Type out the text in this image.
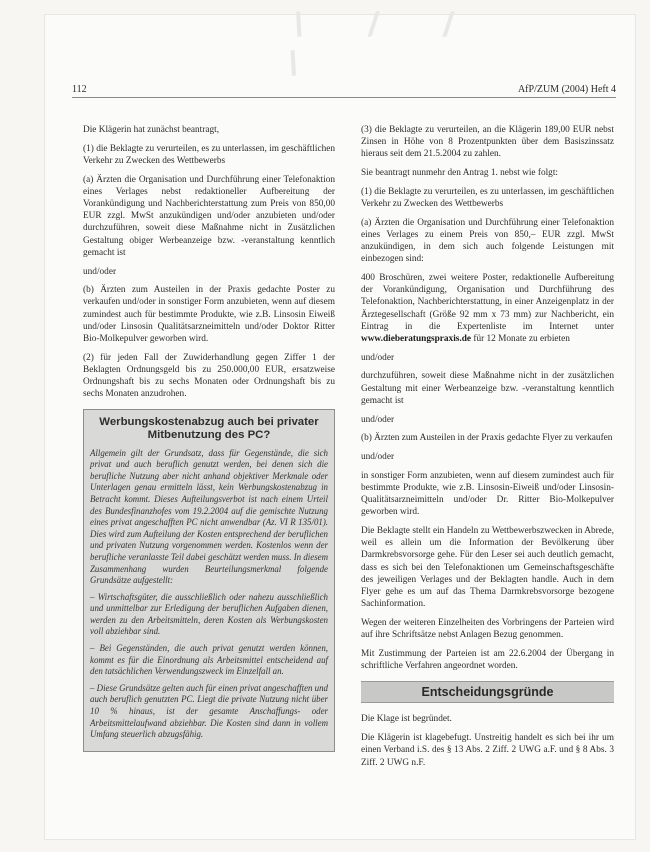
\ / / \
112	AfP/ZUM (2004) Heft 4

Die Klägerin hat zunächst beantragt,

(1) die Beklagte zu verurteilen, es zu unterlassen, im geschäftlichen Verkehr zu Zwecken des Wettbewerbs

(a) Ärzten die Organisation und Durchführung einer Telefonaktion eines Verlages nebst redaktioneller Aufbereitung der Vorankündigung und Nachberichterstattung zum Preis von 850,00 EUR zzgl. MwSt anzukündigen und/oder anzubieten und/oder durchzuführen, soweit diese Maßnahme nicht in Zusätzlichen Gestaltung obiger Werbeanzeige bzw. -veranstaltung kenntlich gemacht ist

und/oder

(b) Ärzten zum Austeilen in der Praxis gedachte Poster zu verkaufen und/oder in sonstiger Form anzubieten, wenn auf diesem zumindest auch für bestimmte Produkte, wie z.B. Linsosin Eiweiß und/oder Linsosin Qualitätsarzneimitteln und/oder Doktor Ritter Bio-Molkepulver geworben wird.

(2) für jeden Fall der Zuwiderhandlung gegen Ziffer 1 der Beklagten Ordnungsgeld bis zu 250.000,00 EUR, ersatzweise Ordnungshaft bis zu sechs Monaten oder Ordnungshaft bis zu sechs Monaten anzudrohen.

Werbungskostenabzug auch bei privater Mitbenutzung des PC?

Allgemein gilt der Grundsatz, dass für Gegenstände, die sich privat und auch beruflich genutzt werden, bei denen sich die berufliche Nutzung aber nicht anhand objektiver Merkmale oder Unterlagen genau ermitteln lässt, kein Werbungskostenabzug in Betracht kommt. Dieses Aufteilungsverbot ist nach einem Urteil des Bundesfinanzhofes vom 19.2.2004 auf die gemischte Nutzung eines privat angeschafften PC nicht anwendbar (Az. VI R 135/01). Dies wird zum Aufteilung der Kosten entsprechend der beruflichen und privaten Nutzung vorgenommen werden. Kostenlos wenn der berufliche veranlasste Teil dabei geschätzt werden muss. In diesem Zusammenhang wurden Beurteilungsmerkmal folgende Grundsätze aufgestellt:

– Wirtschaftsgüter, die ausschließlich oder nahezu ausschließlich und unmittelbar zur Erledigung der beruflichen Aufgaben dienen, werden zu den Arbeitsmitteln, deren Kosten als Werbungskosten voll abziehbar sind.

– Bei Gegenständen, die auch privat genutzt werden können, kommt es für die Einordnung als Arbeitsmittel entscheidend auf den tatsächlichen Verwendungszweck im Einzelfall an.

– Diese Grundsätze gelten auch für einen privat angeschafften und auch beruflich genutzten PC. Liegt die private Nutzung nicht über 10 % hinaus, ist der gesamte Anschaffungs- oder Arbeitsmittelaufwand abziehbar. Die Kosten sind dann in vollem Umfang steuerlich abzugsfähig.

(3) die Beklagte zu verurteilen, an die Klägerin 189,00 EUR nebst Zinsen in Höhe von 8 Prozentpunkten über dem Basiszinssatz hieraus seit dem 21.5.2004 zu zahlen.

Sie beantragt nunmehr den Antrag 1. nebst wie folgt:

(1) die Beklagte zu verurteilen, es zu unterlassen, im geschäftlichen Verkehr zu Zwecken des Wettbewerbs

(a) Ärzten die Organisation und Durchführung einer Telefonaktion eines Verlages zu einem Preis von 850,– EUR zzgl. MwSt anzukündigen, in dem sich auch folgende Leistungen mit einbezogen sind:

400 Broschüren, zwei weitere Poster, redaktionelle Aufbereitung der Vorankündigung, Organisation und Durchführung des Telefonaktion, Nachberichterstattung, in einer Anzeigenplatz in der Ärztegesellschaft (Größe 92 mm x 73 mm) zur Nachbericht, ein Eintrag in die Expertenliste im Internet unter www.dieberatungspraxis.de für 12 Monate zu erbieten

und/oder

durchzuführen, soweit diese Maßnahme nicht in der zusätzlichen Gestaltung mit einer Werbeanzeige bzw. -veranstaltung kenntlich gemacht ist

und/oder

(b) Ärzten zum Austeilen in der Praxis gedachte Flyer zu verkaufen

und/oder

in sonstiger Form anzubieten, wenn auf diesem zumindest auch für bestimmte Produkte, wie z.B. Linsosin-Eiweiß und/oder Linsosin-Qualitätsarzneimitteln und/oder Dr. Ritter Bio-Molkepulver geworben wird.

Die Beklagte stellt ein Handeln zu Wettbewerbszwecken in Abrede, weil es allein um die Information der Bevölkerung über Darmkrebsvorsorge gehe. Für den Leser sei auch deutlich gemacht, dass es sich bei den Telefonaktionen um Gemeinschaftsgeschäfte des jeweiligen Verlages und der Beklagten handle. Auch in dem Flyer gehe es um auf das Thema Darmkrebsvorsorge bezogene Sachinformation.

Wegen der weiteren Einzelheiten des Vorbringens der Parteien wird auf ihre Schriftsätze nebst Anlagen Bezug genommen.

Mit Zustimmung der Parteien ist am 22.6.2004 der Übergang in schriftliche Verfahren angeordnet worden.

Entscheidungsgründe

Die Klage ist begründet.

Die Klägerin ist klagebefugt. Unstreitig handelt es sich bei ihr um einen Verband i.S. des § 13 Abs. 2 Ziff. 2 UWG a.F. und § 8 Abs. 3 Ziff. 2 UWG n.F.
